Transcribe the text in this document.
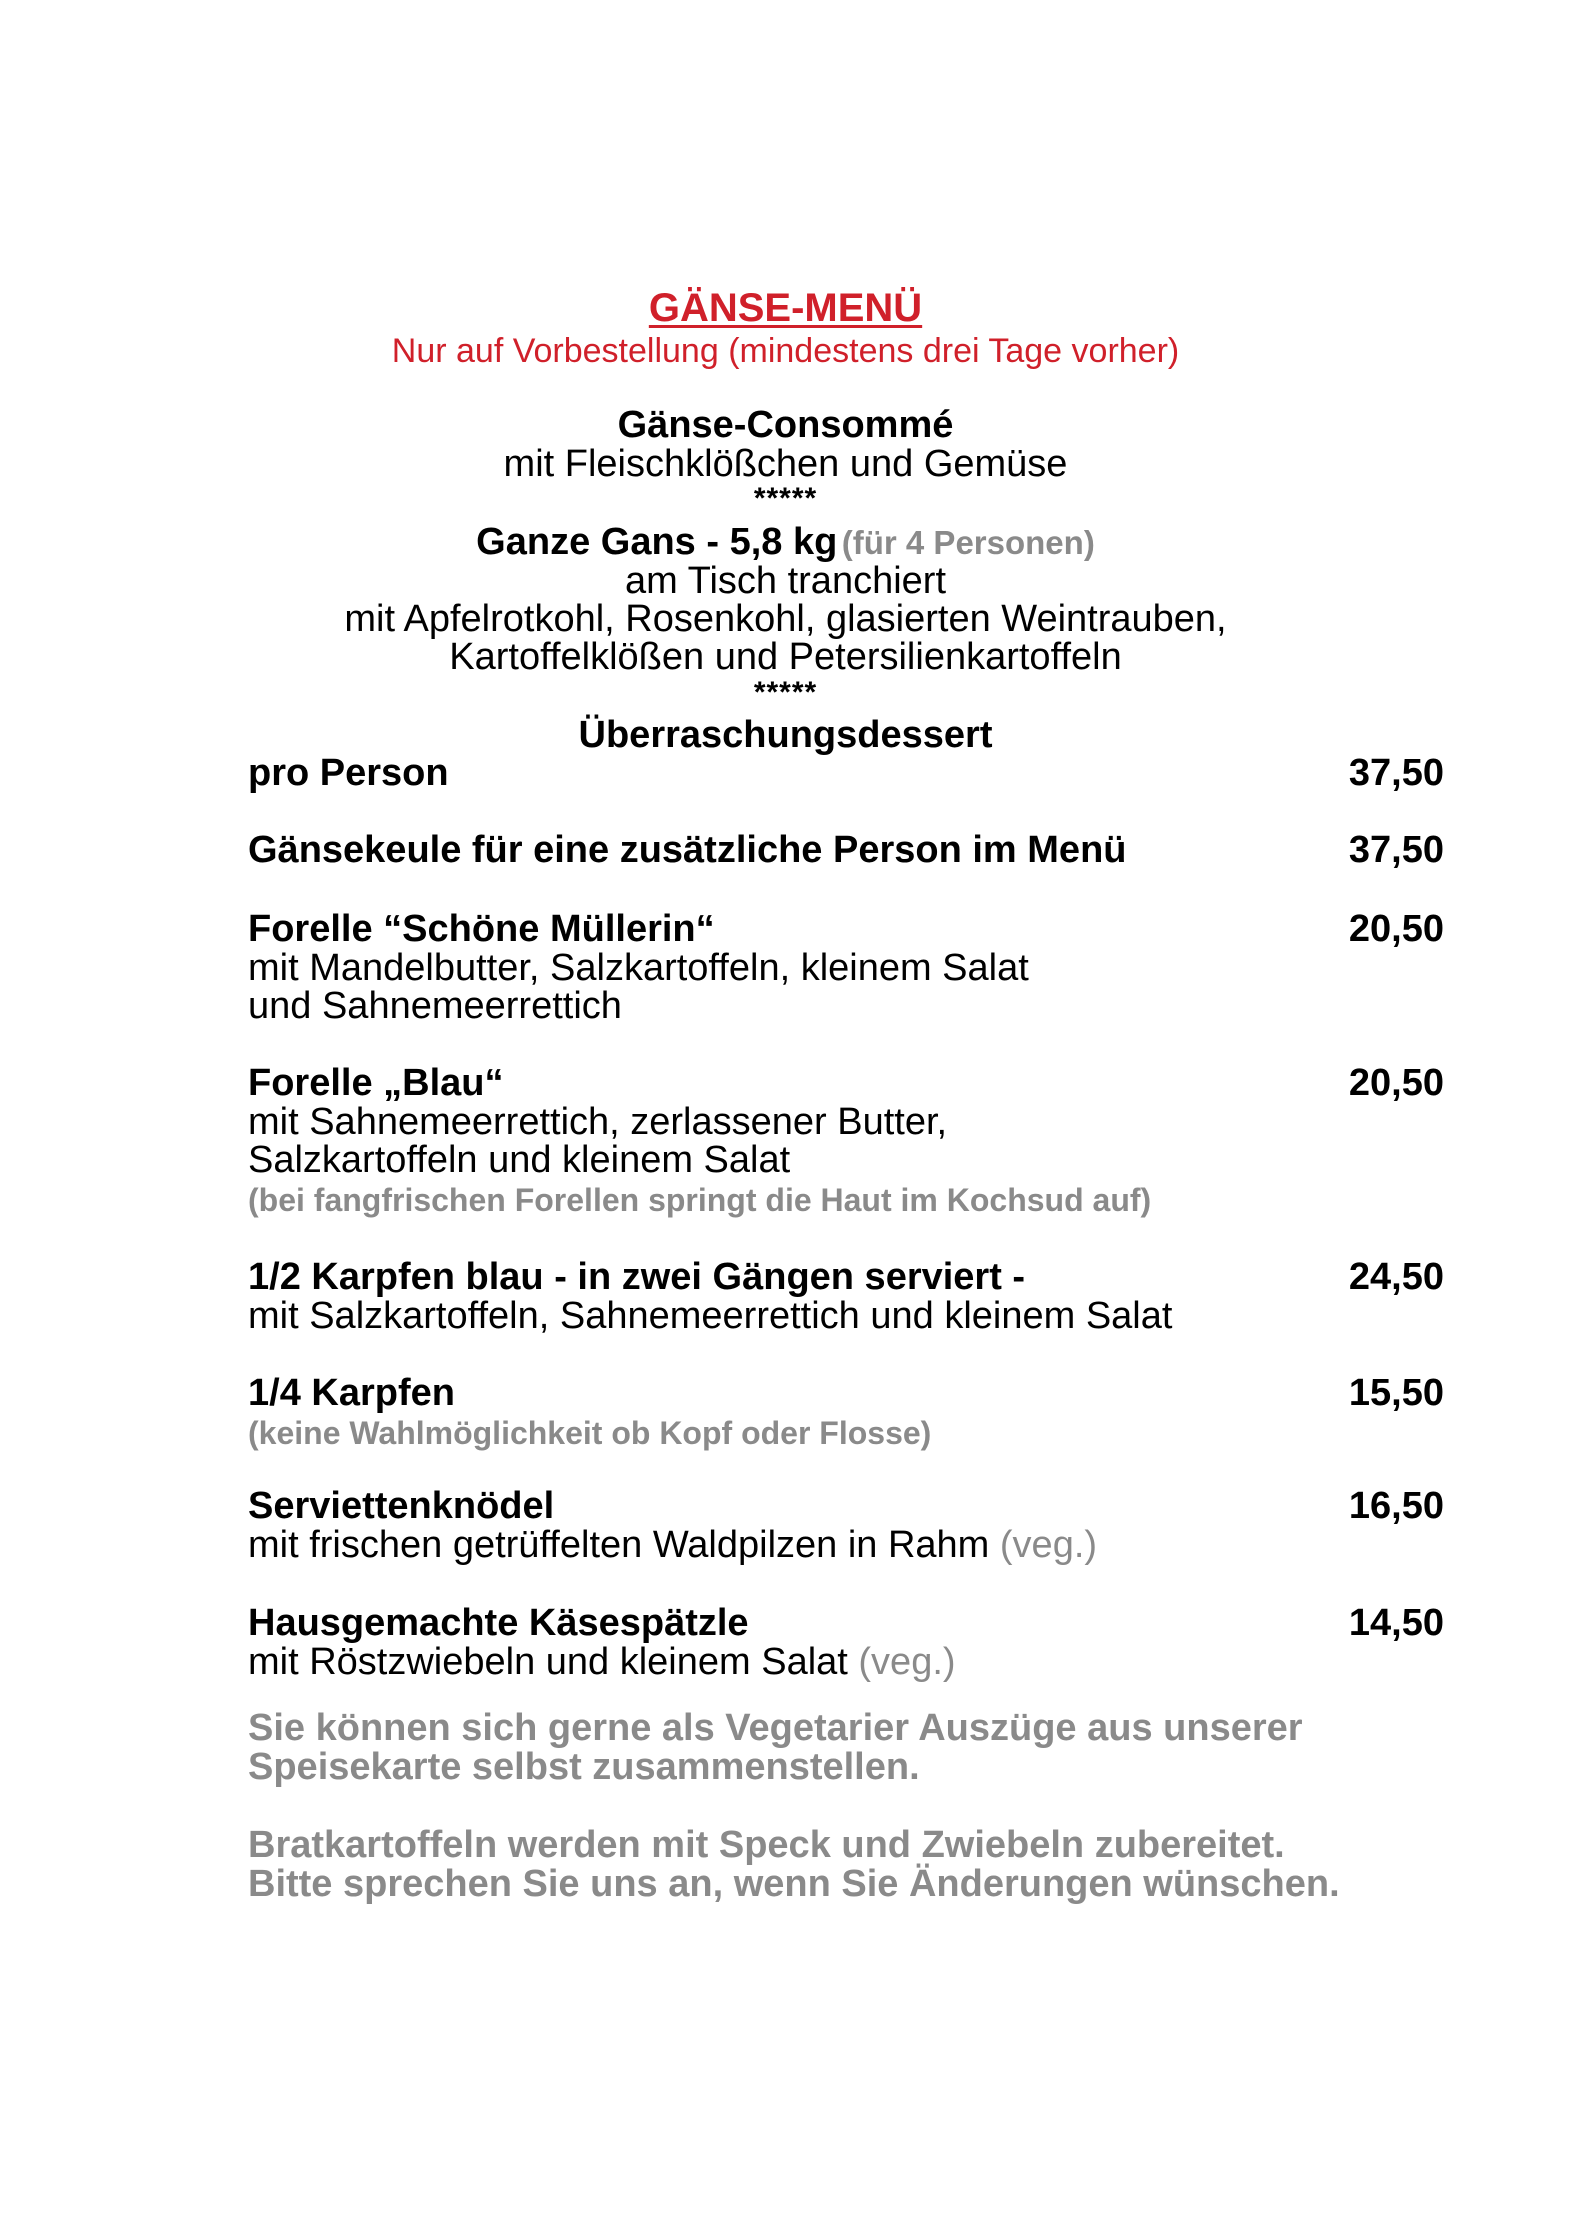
GÄNSE-MENÜ
Nur auf Vorbestellung (mindestens drei Tage vorher)
Gänse-Consommé
mit Fleischklößchen und Gemüse
*****
Ganze Gans - 5,8 kg (für 4 Personen)
am Tisch tranchiert
mit Apfelrotkohl, Rosenkohl, glasierten Weintrauben,
Kartoffelklößen und Petersilienkartoffeln
*****
Überraschungsdessert
pro Person	37,50
Gänsekeule für eine zusätzliche Person im Menü	37,50
Forelle “Schöne Müllerin“	20,50
mit Mandelbutter, Salzkartoffeln, kleinem Salat
und Sahnemeerrettich
Forelle „Blau“	20,50
mit Sahnemeerrettich, zerlassener Butter,
Salzkartoffeln und kleinem Salat
(bei fangfrischen Forellen springt die Haut im Kochsud auf)
1/2 Karpfen blau - in zwei Gängen serviert -	24,50
mit Salzkartoffeln, Sahnemeerrettich und kleinem Salat
1/4 Karpfen	15,50
(keine Wahlmöglichkeit ob Kopf oder Flosse)
Serviettenknödel	16,50
mit frischen getrüffelten Waldpilzen in Rahm (veg.)
Hausgemachte Käsespätzle	14,50
mit Röstzwiebeln und kleinem Salat (veg.)
Sie können sich gerne als Vegetarier Auszüge aus unserer
Speisekarte selbst zusammenstellen.
Bratkartoffeln werden mit Speck und Zwiebeln zubereitet.
Bitte sprechen Sie uns an, wenn Sie Änderungen wünschen.
